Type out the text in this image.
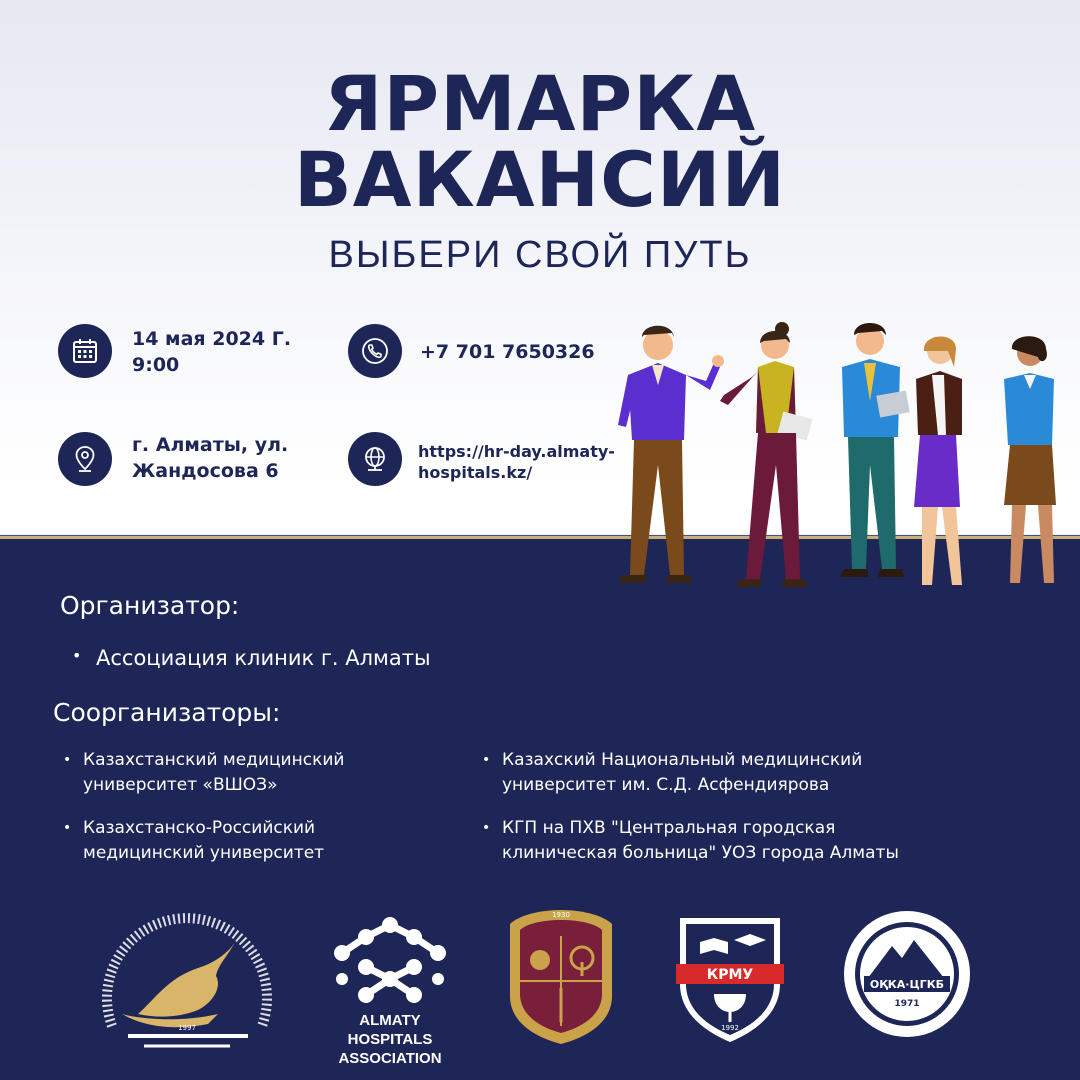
ЯРМАРКА
ВАКАНСИЙ
ВЫБЕРИ СВОЙ ПУТЬ
14 мая 2024 Г.
9:00
+7 701 7650326
г. Алматы, ул.
Жандосова 6
https://hr-day.almaty-
hospitals.kz/
Организатор:
• Ассоциация клиник г. Алматы
Соорганизаторы:
• Казахстанский медицинский
университет «ВШОЗ»
• Казахский Национальный медицинский
университет им. С.Д. Асфендиярова
• Казахстанско-Российский
медицинский университет
• КГП на ПХВ "Центральная городская
клиническая больница" УОЗ города Алматы
1997	ALMATY HOSPITALS
ASSOCIATION
1930
КРМУ
1992
ОҚКА·ЦГКБ
1971
